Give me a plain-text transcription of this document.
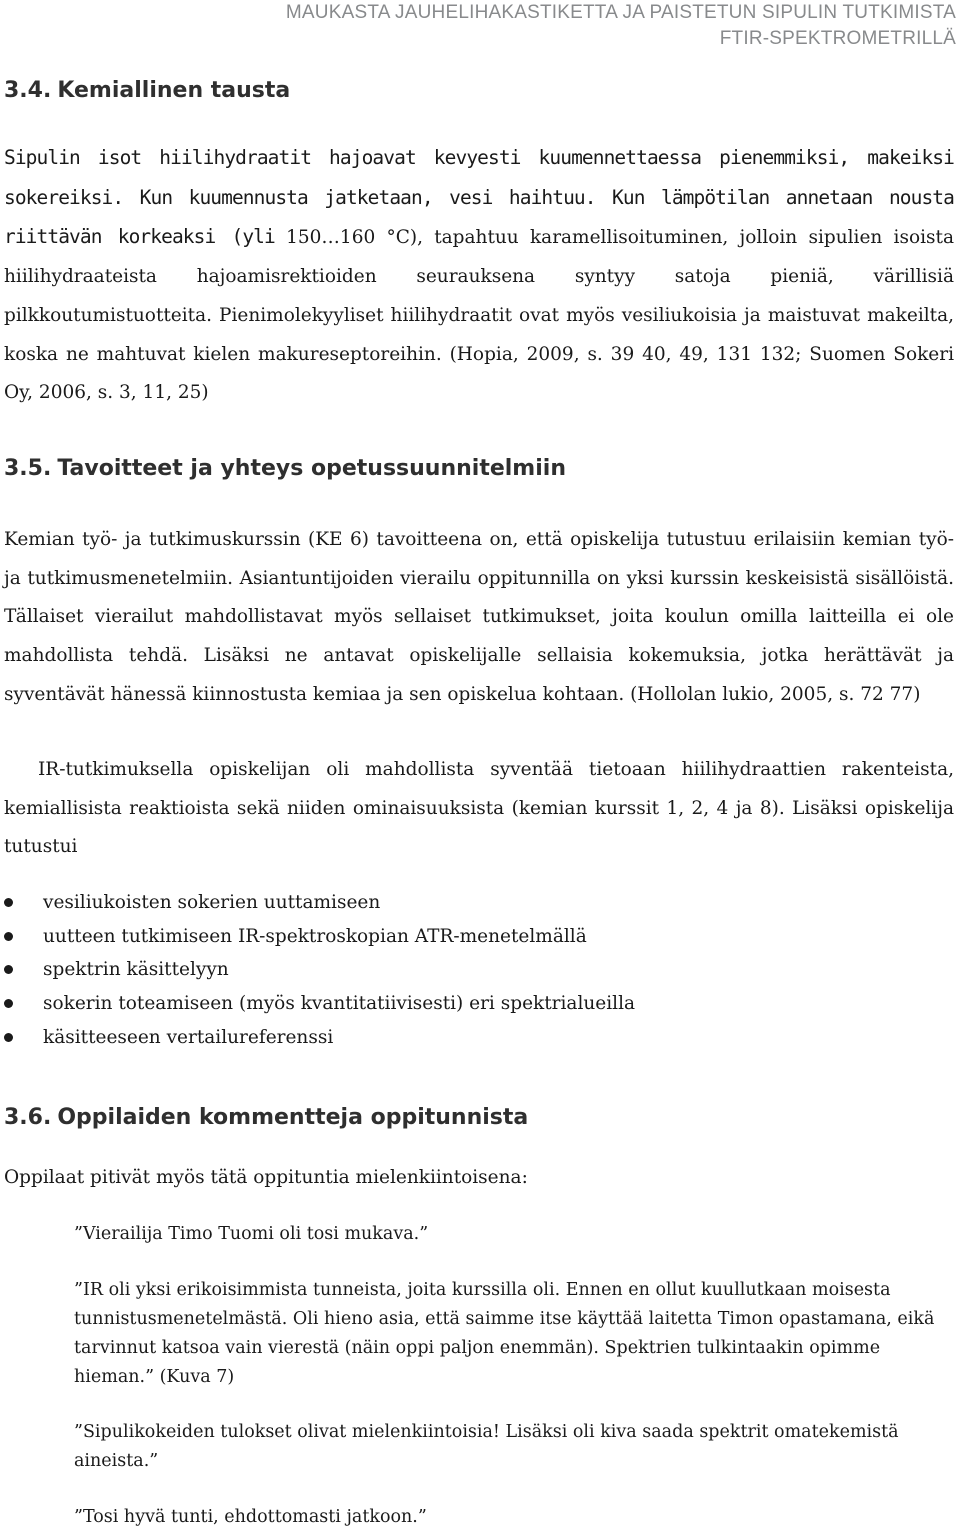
MAUKASTA JAUHELIHAKASTIKETTA JA PAISTETUN SIPULIN TUTKIMISTA
FTIR-SPEKTROMETRILLÄ
3.4. Kemiallinen tausta

Sipulin isot hiilihydraatit hajoavat kevyesti kuumennettaessa pienemmiksi, makeiksi sokereiksi. Kun kuumennusta jatketaan, vesi haihtuu. Kun lämpötilan annetaan nousta riittävän korkeaksi (yli 150…160 °C), tapahtuu karamellisoituminen, jolloin sipulien isoista hiilihydraateista hajoamisrektioiden seurauksena syntyy satoja pieniä, värillisiä pilkkoutumistuotteita. Pienimolekyyliset hiilihydraatit ovat myös vesiliukoisia ja maistuvat makeilta, koska ne mahtuvat kielen makureseptoreihin. (Hopia, 2009, s. 39 40, 49, 131 132; Suomen Sokeri Oy, 2006, s. 3, 11, 25)

3.5. Tavoitteet ja yhteys opetussuunnitelmiin

Kemian työ- ja tutkimuskurssin (KE 6) tavoitteena on, että opiskelija tutustuu erilaisiin kemian työ- ja tutkimusmenetelmiin. Asiantuntijoiden vierailu oppitunnilla on yksi kurssin keskeisistä sisällöistä. Tällaiset vierailut mahdollistavat myös sellaiset tutkimukset, joita koulun omilla laitteilla ei ole mahdollista tehdä. Lisäksi ne antavat opiskelijalle sellaisia kokemuksia, jotka herättävät ja syventävät hänessä kiinnostusta kemiaa ja sen opiskelua kohtaan. (Hollolan lukio, 2005, s. 72 77)

IR-tutkimuksella opiskelijan oli mahdollista syventää tietoaan hiilihydraattien rakenteista, kemiallisista reaktioista sekä niiden ominaisuuksista (kemian kurssit 1, 2, 4 ja 8). Lisäksi opiskelija tutustui

vesiliukoisten sokerien uuttamiseen
uutteen tutkimiseen IR-spektroskopian ATR-menetelmällä
spektrin käsittelyyn
sokerin toteamiseen (myös kvantitatiivisesti) eri spektrialueilla
käsitteeseen vertailureferenssi
3.6. Oppilaiden kommentteja oppitunnista

Oppilaat pitivät myös tätä oppituntia mielenkiintoisena:

”Vierailija Timo Tuomi oli tosi mukava.”

”IR oli yksi erikoisimmista tunneista, joita kurssilla oli. Ennen en ollut kuullutkaan moisesta tunnistusmenetelmästä. Oli hieno asia, että saimme itse käyttää laitetta Timon opastamana, eikä tarvinnut katsoa vain vierestä (näin oppi paljon enemmän). Spektrien tulkintaakin opimme hieman.” (Kuva 7)

”Sipulikokeiden tulokset olivat mielenkiintoisia! Lisäksi oli kiva saada spektrit omatekemistä aineista.”

”Tosi hyvä tunti, ehdottomasti jatkoon.”
